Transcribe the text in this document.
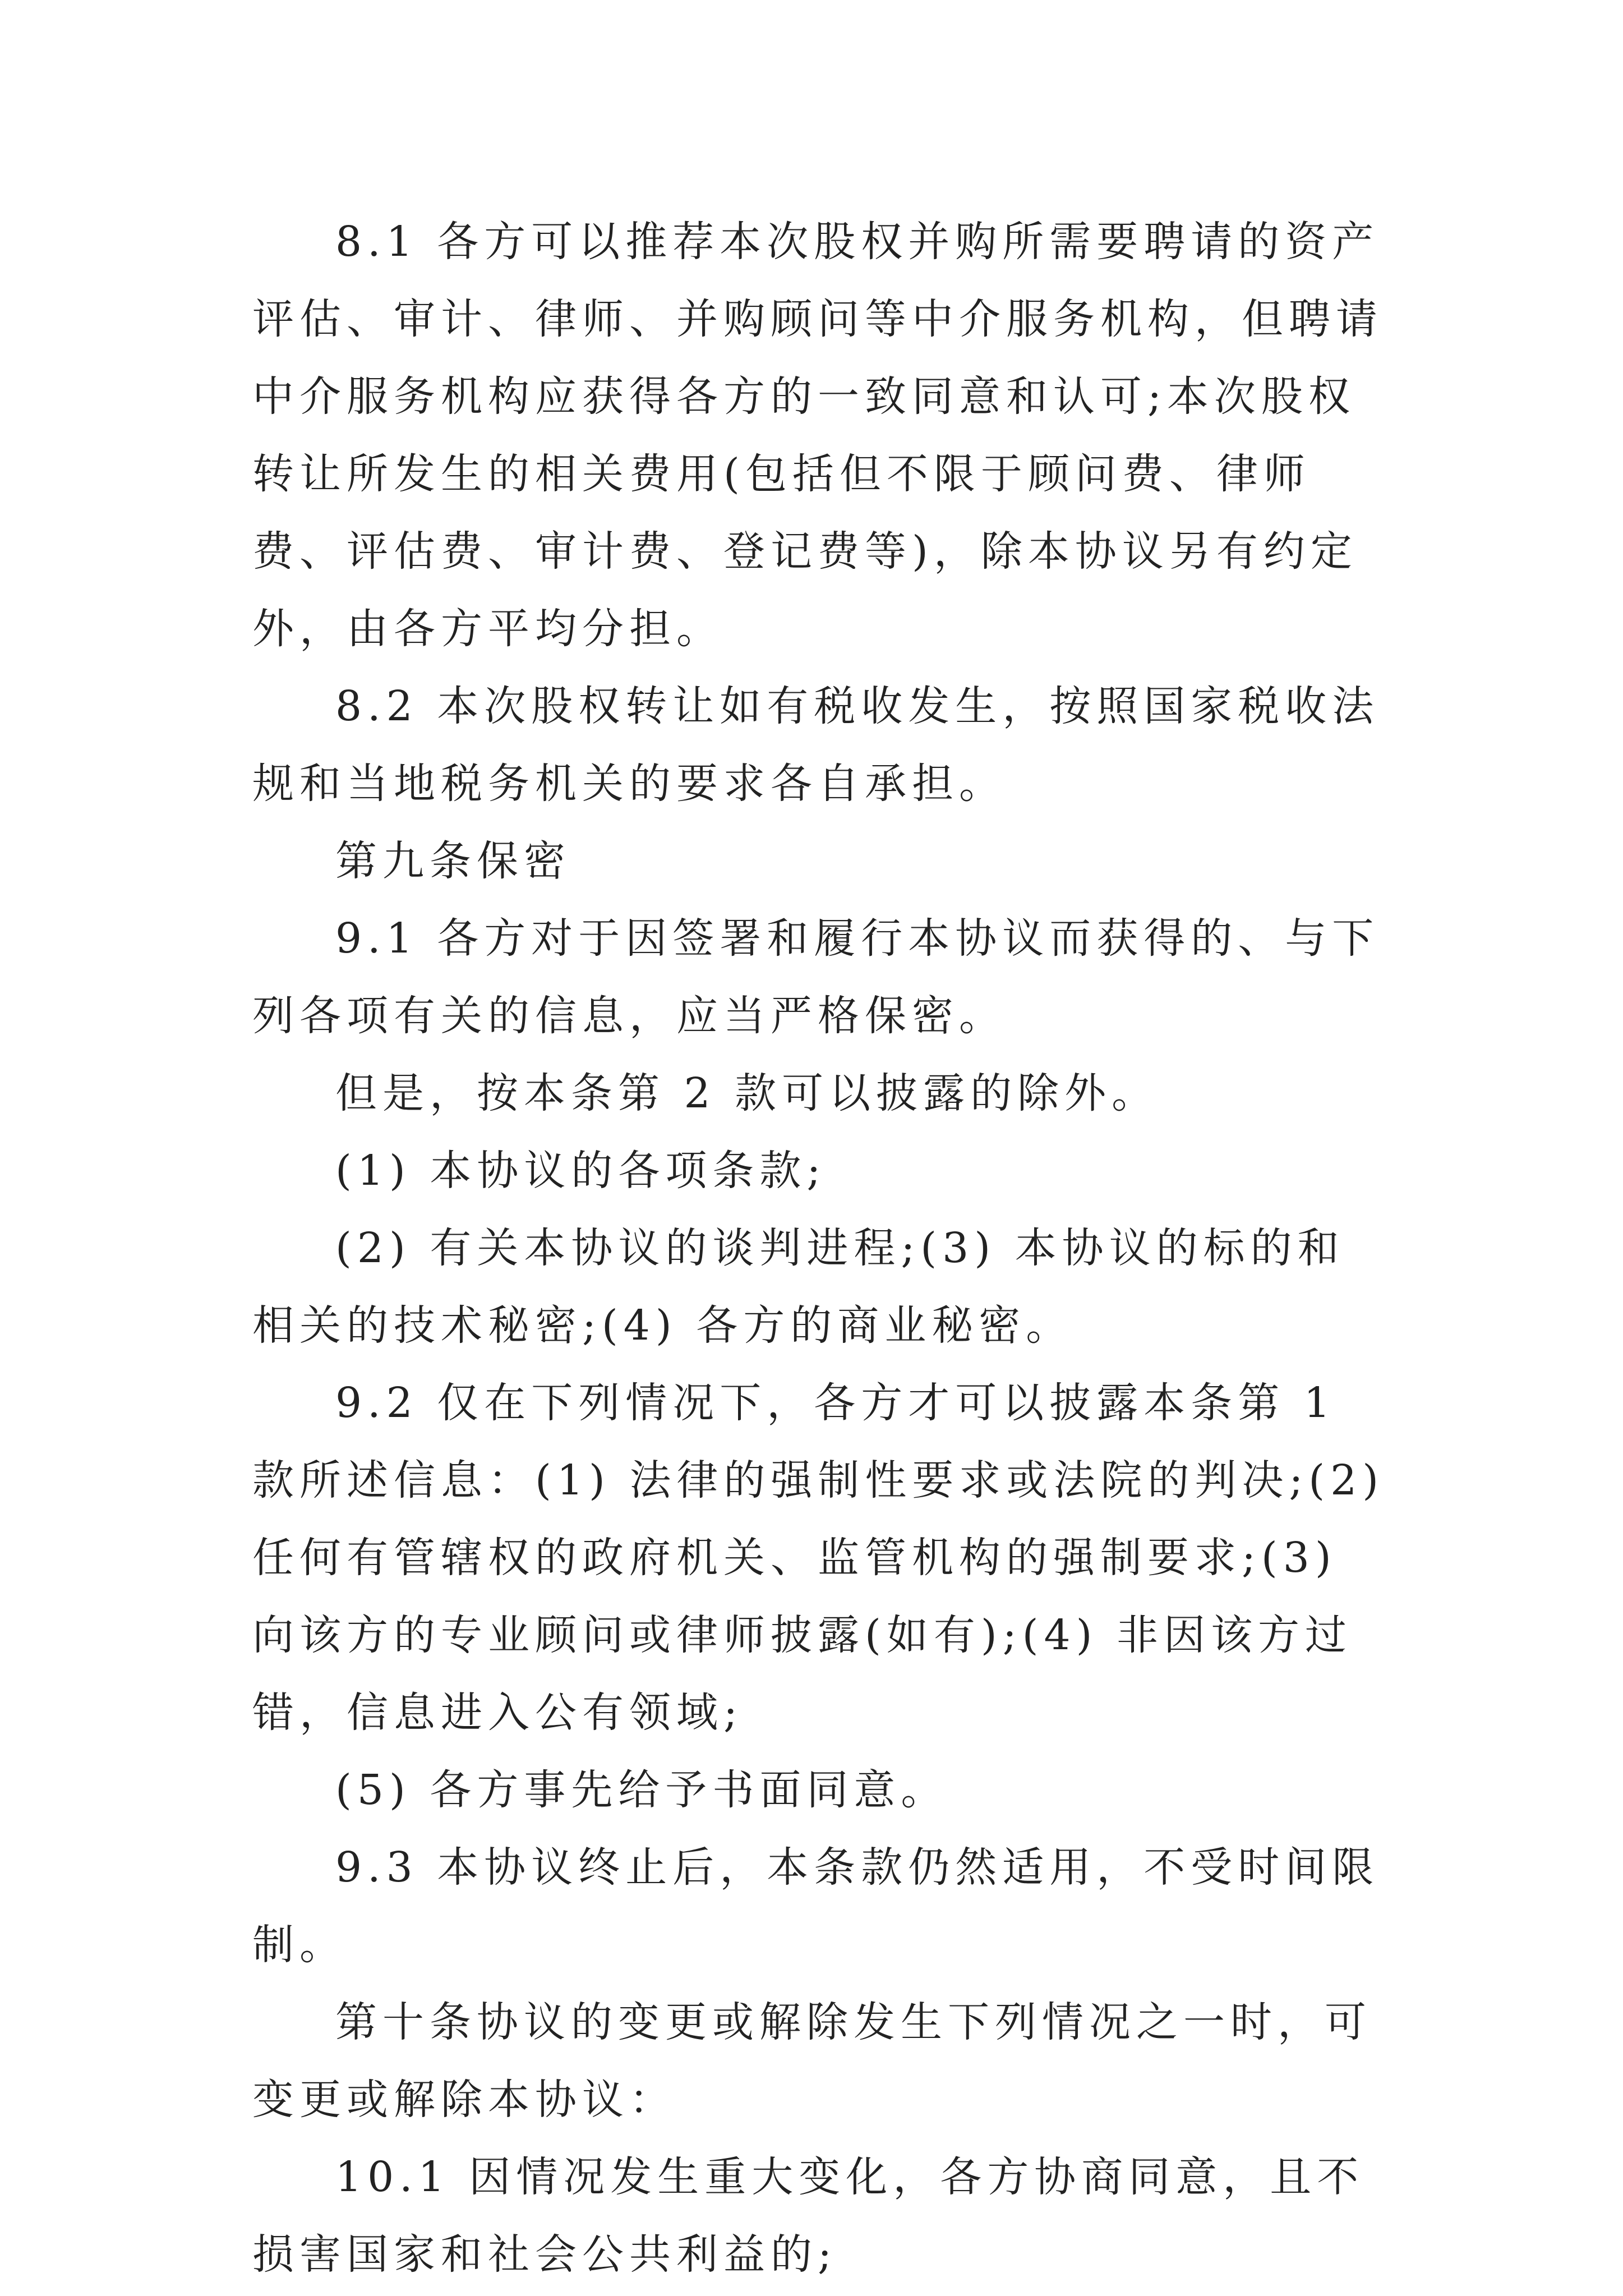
8.1 各方可以推荐本次股权并购所需要聘请的资产评估、审计、律师、并购顾问等中介服务机构，但聘请中介服务机构应获得各方的一致同意和认可;本次股权转让所发生的相关费用(包括但不限于顾问费、律师费、评估费、审计费、登记费等)，除本协议另有约定外，由各方平均分担。

8.2 本次股权转让如有税收发生，按照国家税收法规和当地税务机关的要求各自承担。

第九条保密

9.1 各方对于因签署和履行本协议而获得的、与下列各项有关的信息，应当严格保密。

但是，按本条第 2 款可以披露的除外。

(1) 本协议的各项条款;

(2) 有关本协议的谈判进程;(3) 本协议的标的和相关的技术秘密;(4) 各方的商业秘密。

9.2 仅在下列情况下，各方才可以披露本条第 1 款所述信息：(1) 法律的强制性要求或法院的判决;(2) 任何有管辖权的政府机关、监管机构的强制要求;(3) 向该方的专业顾问或律师披露(如有);(4) 非因该方过错，信息进入公有领域;

(5) 各方事先给予书面同意。

9.3 本协议终止后，本条款仍然适用，不受时间限制。

第十条协议的变更或解除发生下列情况之一时，可变更或解除本协议：

10.1 因情况发生重大变化，各方协商同意，且不损害国家和社会公共利益的;
